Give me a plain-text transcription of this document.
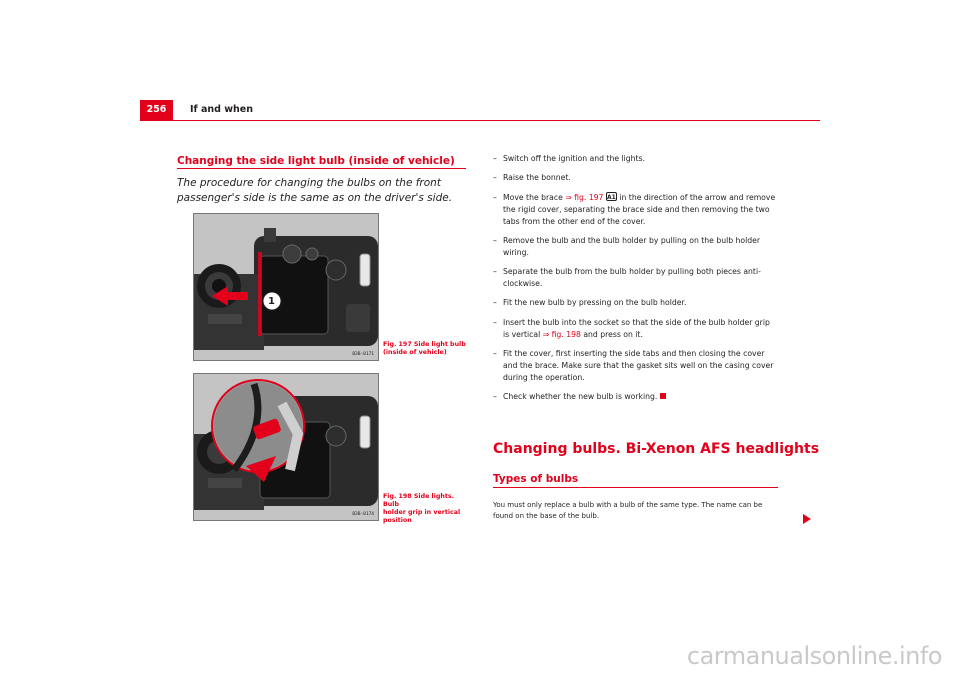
256	If and when
Changing the side light bulb (inside of vehicle)
The procedure for changing the bulbs on the front passenger's side is the same as on the driver's side.
1
B3B-0171
Fig. 197 Side light bulb
(inside of vehicle)
B3B-0174
Fig. 198 Side lights. Bulb
holder grip in vertical
position
– Switch off the ignition and the lights.
– Raise the bonnet.
– Move the brace ⇒ fig. 197 A1 in the direction of the arrow and remove the rigid cover, separating the brace side and then removing the two tabs from the other end of the cover.
– Remove the bulb and the bulb holder by pulling on the bulb holder wiring.
– Separate the bulb from the bulb holder by pulling both pieces anti-clockwise.
– Fit the new bulb by pressing on the bulb holder.
– Insert the bulb into the socket so that the side of the bulb holder grip is vertical ⇒ fig. 198 and press on it.
– Fit the cover, first inserting the side tabs and then closing the cover and the brace. Make sure that the gasket sits well on the casing cover during the operation.
– Check whether the new bulb is working.
Changing bulbs. Bi-Xenon AFS headlights
Types of bulbs
You must only replace a bulb with a bulb of the same type. The name can be found on the base of the bulb.
carmanualsonline.info
